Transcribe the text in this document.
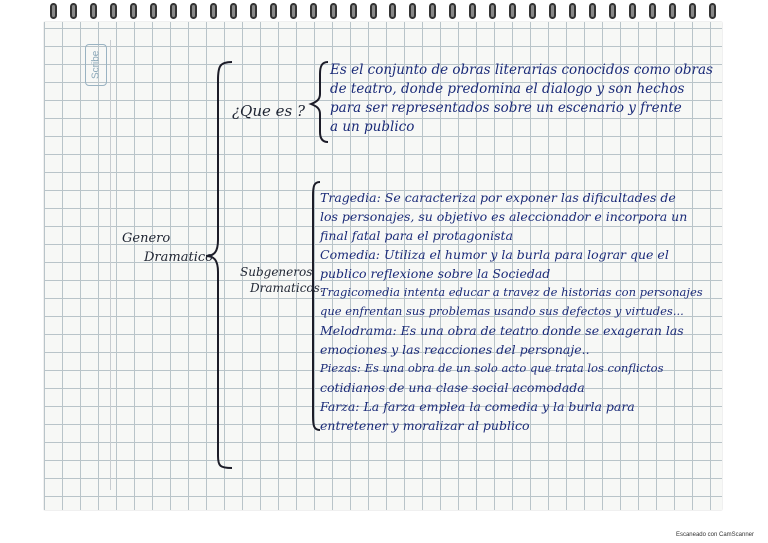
Scribe
Genero
Dramatico
¿Que es ?
Subgeneros
Dramaticos.
Es el conjunto de obras literarias conocidos como obras
de teatro, donde predomina el dialogo y son hechos
para ser representados sobre un escenario y frente
a un publico
Tragedia: Se caracteriza por exponer las dificultades de
los personajes, su objetivo es aleccionador e incorpora un
final fatal para el protagonista
Comedia: Utiliza el humor y la burla para lograr que el
publico reflexione sobre la Sociedad
Tragicomedia intenta educar a travez de historias con personajes
que enfrentan sus problemas usando sus defectos y virtudes...
Melodrama: Es una obra de teatro donde se exageran las
emociones y las reacciones del personaje..
Piezas: Es una obra de un solo acto que trata los conflictos
cotidianos de una clase social acomodada
Farza: La farza emplea la comedia y la burla para
entretener y moralizar al publico
Escaneado con CamScanner
